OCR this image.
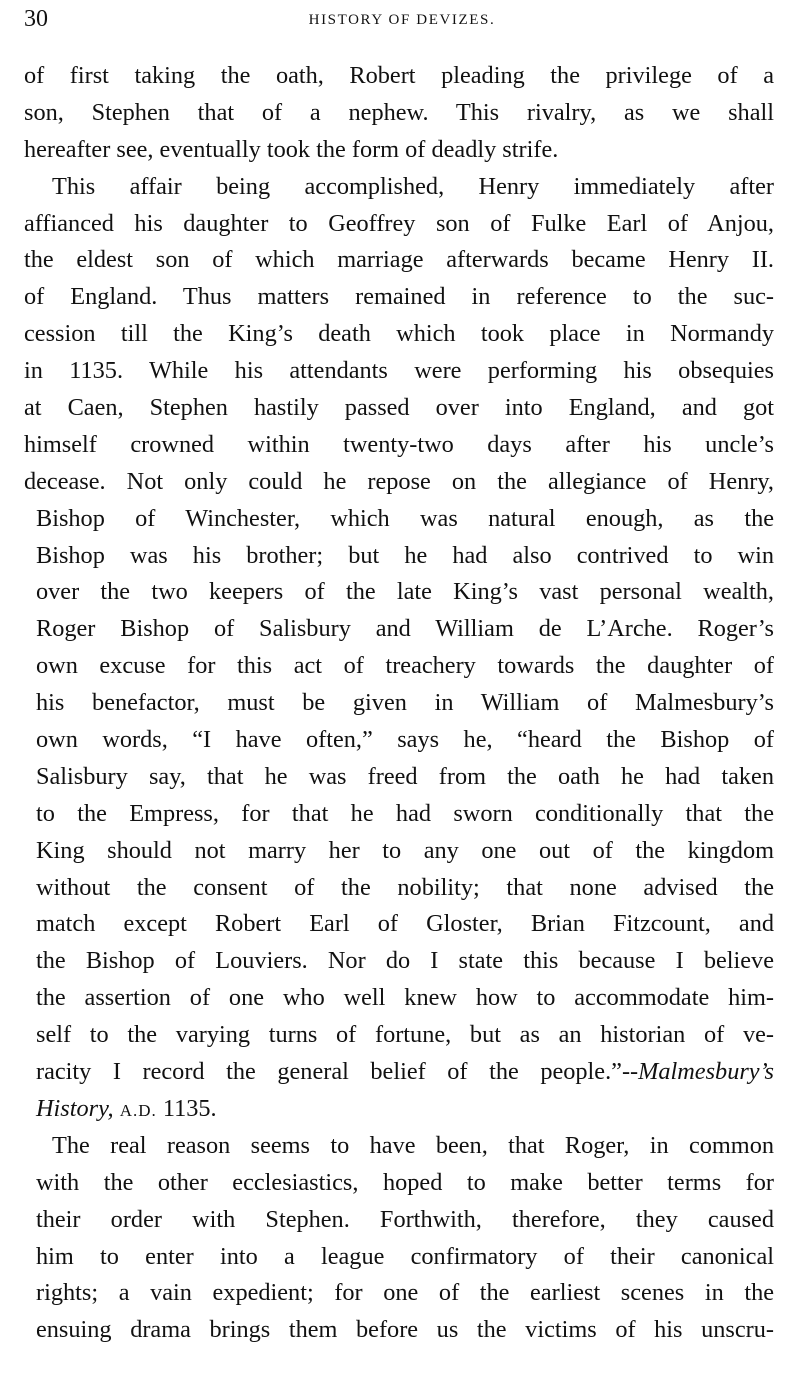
30	HISTORY OF DEVIZES.
of first taking the oath, Robert pleading the privilege of a
son, Stephen that of a nephew. This rivalry, as we shall
hereafter see, eventually took the form of deadly strife.
This affair being accomplished, Henry immediately after
affianced his daughter to Geoffrey son of Fulke Earl of Anjou,
the eldest son of which marriage afterwards became Henry II.
of England. Thus matters remained in reference to the suc-
cession till the King’s death which took place in Normandy
in 1135. While his attendants were performing his obsequies
at Caen, Stephen hastily passed over into England, and got
himself crowned within twenty-two days after his uncle’s
decease. Not only could he repose on the allegiance of Henry,
Bishop of Winchester, which was natural enough, as the
Bishop was his brother; but he had also contrived to win
over the two keepers of the late King’s vast personal wealth,
Roger Bishop of Salisbury and William de L’Arche. Roger’s
own excuse for this act of treachery towards the daughter of
his benefactor, must be given in William of Malmesbury’s
own words, “I have often,” says he, “heard the Bishop of
Salisbury say, that he was freed from the oath he had taken
to the Empress, for that he had sworn conditionally that the
King should not marry her to any one out of the kingdom
without the consent of the nobility; that none advised the
match except Robert Earl of Gloster, Brian Fitzcount, and
the Bishop of Louviers. Nor do I state this because I believe
the assertion of one who well knew how to accommodate him-
self to the varying turns of fortune, but as an historian of ve-
racity I record the general belief of the people.”--Malmesbury’s
History, A.D. 1135.
The real reason seems to have been, that Roger, in common
with the other ecclesiastics, hoped to make better terms for
their order with Stephen. Forthwith, therefore, they caused
him to enter into a league confirmatory of their canonical
rights; a vain expedient; for one of the earliest scenes in the
ensuing drama brings them before us the victims of his unscru-
